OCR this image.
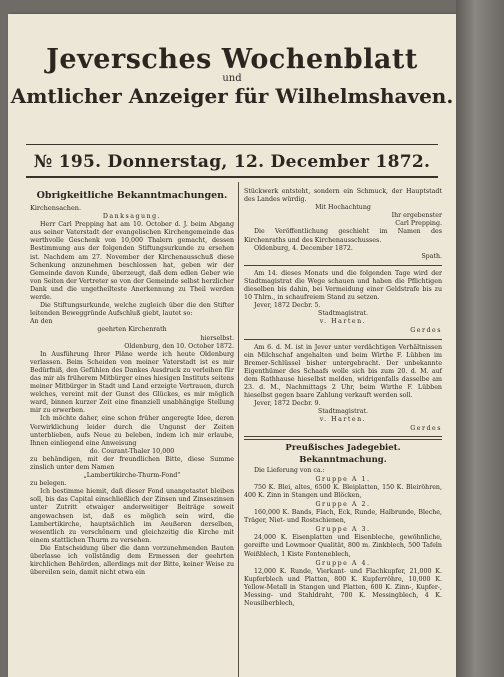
Jeversches Wochenblatt
und
Amtlicher Anzeiger für Wilhelmshaven.
№ 195. Donnerstag, 12. December 1872.
Obrigkeitliche Bekanntmachungen.
Kirchensachen.
Danksagung.

Herr Carl Prepping hat am 10. October d. J. beim Abgang aus seiner Vaterstadt der evangelischen Kirchengemeinde das werthvolle Geschenk von 10,000 Thalern gemacht, dessen Bestimmung aus der folgenden Stiftungsurkunde zu ersehen ist. Nachdem am 27. November der Kirchenausschuß diese Schenkung anzunehmen beschlossen hat, geben wir der Gemeinde davon Kunde, überzeugt, daß dem edlen Geber wie von Seiten der Vertreter so von der Gemeinde selbst herzlicher Dank und die ungetheilteste Anerkennung zu Theil werden werde.

Die Stiftungsurkunde, welche zugleich über die den Stifter leitenden Beweggründe Aufschluß giebt, lautet so:

An den

geehrten Kirchenrath

hierselbst.

Oldenburg, den 10. October 1872.

In Ausführung Ihrer Pläne werde ich heute Oldenburg verlassen. Beim Scheiden von meiner Vaterstadt ist es mir Bedürfniß, den Gefühlen des Dankes Ausdruck zu verleihen für das mir als früherem Mitbürger eines hiesigen Instituts seitens meiner Mitbürger in Stadt und Land erzeigte Vertrauen, durch welches, vereint mit der Gunst des Glückes, es mir möglich ward, binnen kurzer Zeit eine finanziell unabhängige Stellung mir zu erwerben.

Ich möchte daher, eine schon früher angeregte Idee, deren Verwirklichung leider durch die Ungunst der Zeiten unterblieben, aufs Neue zu beleben, indem ich mir erlaube, Ihnen einliegend eine Anweisung

do. Courant-Thaler 10,000

zu behändigen, mit der freundlichen Bitte, diese Summe zinslich unter dem Namen

„Lambertikirche-Thurm-Fond“

zu belegen.

Ich bestimme hiemit, daß dieser Fond unangetastet bleiben soll, bis das Capital einschließlich der Zinsen und Zinseszinsen unter Zutritt etwaiger anderweitiger Beiträge soweit angewachsen ist, daß es möglich sein wird, die Lambertikirche, hauptsächlich im Aeußeren derselben, wesentlich zu verschönern und gleichzeitig die Kirche mit einem stattlichen Thurm zu versehen.

Die Entscheidung über die dann vorzunehmenden Bauten überlasse ich vollständig dem Ermessen der geehrten kirchlichen Behörden, allerdings mit der Bitte, keiner Weise zu übereilen sein, damit nicht etwa ein

Stückwerk entsteht, sondern ein Schmuck, der Hauptstadt des Landes würdig.

Mit Hochachtung

Ihr ergebenster

Carl Prepping.

Die Veröffentlichung geschieht im Namen des Kirchenraths und des Kirchenausschusses.

Oldenburg, 4. December 1872.

Spath.

Am 14. dieses Monats und die folgenden Tage wird der Stadtmagistrat die Wege schauen und haben die Pflichtigen dieselben bis dahin, bei Vermeidung einer Geldstrafe bis zu 10 Thlrn., in schaufreiem Stand zu setzen.

Jever, 1872 Decbr. 5.

Stadtmagistrat.

v. Harten.

Gerdes

Am 6. d. M. ist in Jever unter verdächtigen Verhältnissen ein Milchschaf angehalten und beim Wirthe F. Lübben im Bremer-Schlüssel bisher untergebracht. Der unbekannte Eigenthümer des Schaafs wolle sich bis zum 20. d. M. auf dem Rathhause hieselbst melden, widrigenfalls dasselbe am 23. d. M., Nachmittags 2 Uhr, beim Wirthe F. Lübben hieselbst gegen baare Zahlung verkauft werden soll.

Jever, 1872 Decbr. 9.

Stadtmagistrat.

v. Harten.

Gerdes

Preußisches Jadegebiet.
Bekanntmachung.

Die Lieferung von ca.:

Gruppe A 1.

750 K. Blei, altes, 6500 K. Bleiplatten, 150 K. Bleiröhren, 400 K. Zinn in Stangen und Blöcken,

Gruppe A 2.

160,000 K. Bands, Flach, Eck, Runde, Halbrunde, Bleche, Träger, Niet- und Rostschienen,

Gruppe A 3.

24,000 K. Eisenplatten und Eisenbleche, gewöhnliche, gereifte und Lowmoor Qualität, 800 m. Zinkblech, 500 Tafeln Weißblech, 1 Kiste Fonteneblech,

Gruppe A 4.

12,000 K. Runde, Vierkant- und Flachkupfer, 21,000 K. Kupferblech und Platten, 800 K. Kupferröhre, 10,000 K. Yellow-Metall in Stangen und Platten, 600 K. Zinn-, Kupfer-, Messing- und Stahldraht, 700 K. Messingblech, 4 K. Neusilberblech,
